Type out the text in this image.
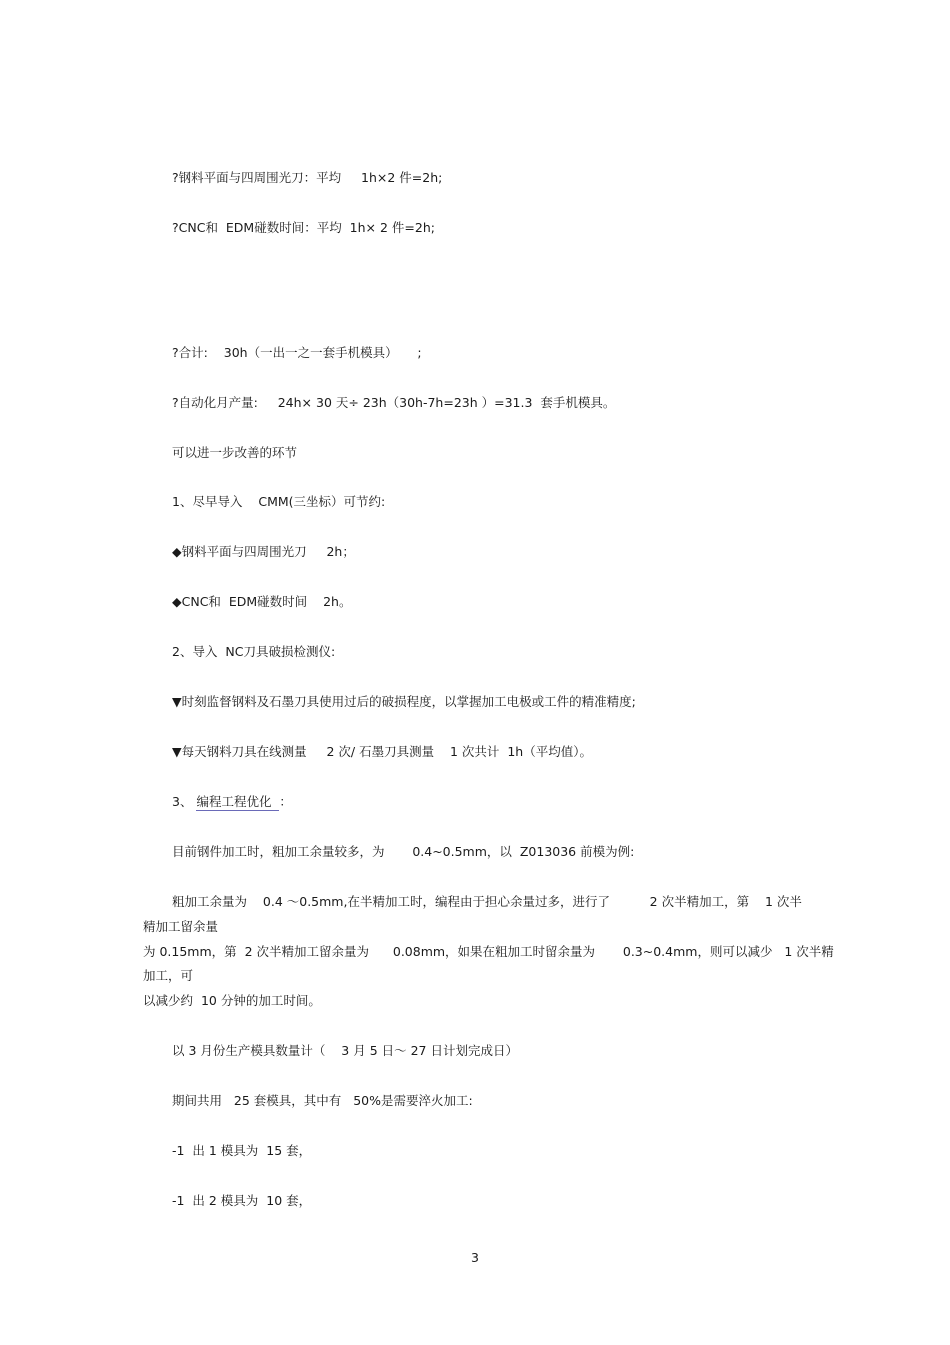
?钢料平面与四周围光刀：平均     1h×2 件=2h;
?CNC和  EDM碰数时间：平均  1h× 2 件=2h;
?合计:    30h（一出一之一套手机模具）     ;
?自动化月产量:     24h× 30 天÷ 23h（30h-7h=23h ）=31.3  套手机模具。
可以进一步改善的环节
1、尽早导入    CMM(三坐标）可节约:
◆钢料平面与四周围光刀     2h；
◆CNC和  EDM碰数时间    2h。
2、导入  NC刀具破损检测仪:
▼时刻监督钢料及石墨刀具使用过后的破损程度，以掌握加工电极或工件的精准精度;
▼每天钢料刀具在线测量     2 次/ 石墨刀具测量    1 次共计  1h（平均值）。
3、 编程工程优化  ：
目前钢件加工时，粗加工余量较多，为       0.4~0.5mm，以  Z013036 前模为例:
粗加工余量为    0.4 ～0.5mm,在半精加工时，编程由于担心余量过多，进行了          2 次半精加工，第    1 次半
精加工留余量
为 0.15mm，第  2 次半精加工留余量为      0.08mm，如果在粗加工时留余量为       0.3~0.4mm，则可以减少   1 次半精
加工，可
以减少约  10 分钟的加工时间。
以 3 月份生产模具数量计（    3 月 5 日～ 27 日计划完成日）
期间共用   25 套模具，其中有   50%是需要淬火加工:
-1  出 1 模具为  15 套，
-1  出 2 模具为  10 套，
3
